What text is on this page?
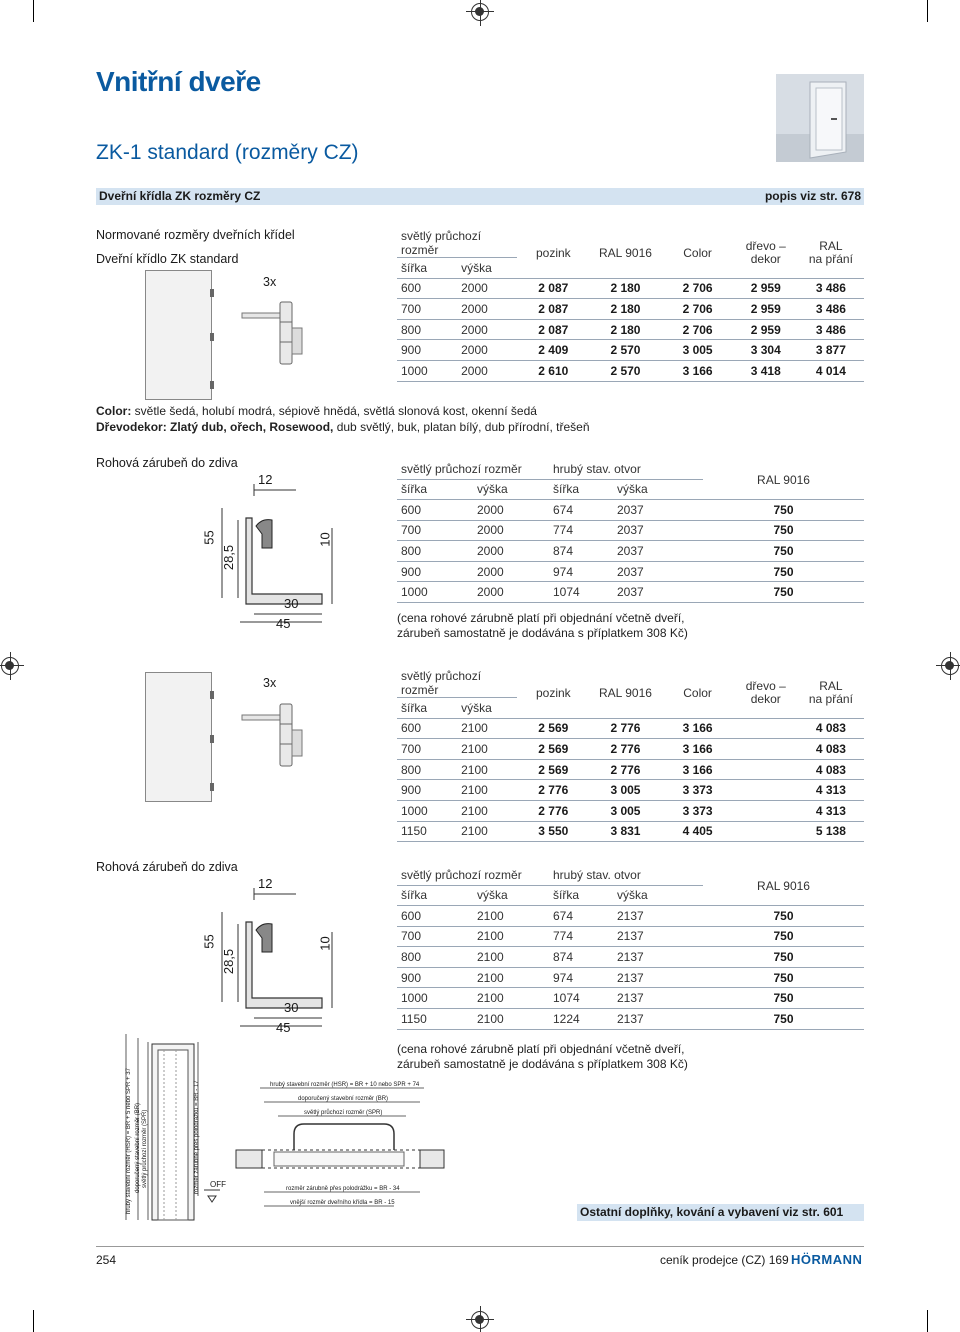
Vnitřní dveře
ZK-1 standard (rozměry CZ)
Dveřní křídla ZK rozměry CZ	popis viz str. 678
Normované rozměry dveřních křídel
Dveřní křídlo ZK standard
3x
světlý průchozí rozměr		pozink	RAL 9016	Color	dřevo –
dekor	RAL
na přání
šířka	výška					
600	2000	2 087	2 180	2 706	2 959	3 486
700	2000	2 087	2 180	2 706	2 959	3 486
800	2000	2 087	2 180	2 706	2 959	3 486
900	2000	2 409	2 570	3 005	3 304	3 877
1000	2000	2 610	2 570	3 166	3 418	4 014
Color: světle šedá, holubí modrá, sépiově hnědá, světlá slonová kost, okenní šedá
Dřevodekor: Zlatý dub, ořech, Rosewood, dub světlý, buk, platan bílý, dub přírodní, třešeň
Rohová zárubeň do zdiva
12
55
28,5
10
30
45
světlý průchozí rozměr		hrubý stav. otvor		RAL 9016
šířka	výška	šířka	výška	
600	2000	674	2037	750
700	2000	774	2037	750
800	2000	874	2037	750
900	2000	974	2037	750
1000	2000	1074	2037	750
(cena rohové zárubně platí při objednání včetně dveří,
zárubeň samostatně je dodávána s příplatkem 308 Kč)
3x	světlý průchozí rozměr		pozink	RAL 9016	Color	dřevo –
dekor	RAL
na přání
šířka	výška					
600	2100	2 569	2 776	3 166		4 083
700	2100	2 569	2 776	3 166		4 083
800	2100	2 569	2 776	3 166		4 083
900	2100	2 776	3 005	3 373		4 313
1000	2100	2 776	3 005	3 373		4 313
1150	2100	3 550	3 831	4 405		5 138
Rohová zárubeň do zdiva
12
55
28,5
10
30
45
světlý průchozí rozměr		hrubý stav. otvor		RAL 9016
šířka	výška	šířka	výška	
600	2100	674	2137	750
700	2100	774	2137	750
800	2100	874	2137	750
900	2100	974	2137	750
1000	2100	1074	2137	750
1150	2100	1224	2137	750
(cena rohové zárubně platí při objednání včetně dveří,
zárubeň samostatně je dodávána s příplatkem 308 Kč)
hrubý stavební rozměr (HSR) = BR + 5 nebo SPR + 37 doporučený stavební rozměr (BR) světlý průchozí rozměr (SPR)	rozměr zárubně přes polodrážku = BR - 17 OFF
hrubý stavební rozměr (HSR) = BR + 10 nebo SPR + 74
doporučený stavební rozměr (BR)
světlý průchozí rozměr (SPR)
rozměr zárubně přes polodrážku = BR - 34
vnější rozměr dveřního křídla = BR - 15
Ostatní doplňky, kování a vybavení viz str. 601
254	ceník prodejce (CZ) 169 HÖRMANN
